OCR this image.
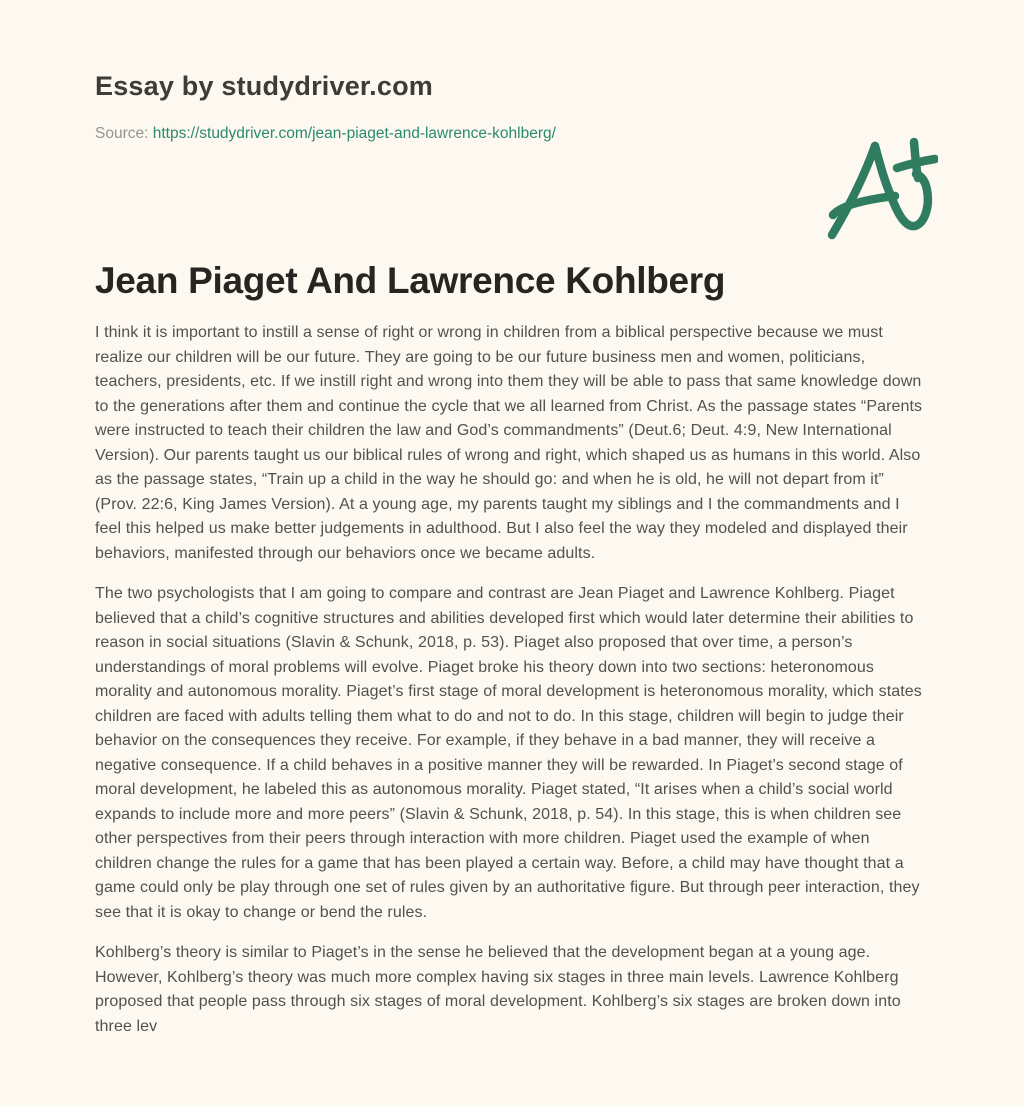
Essay by studydriver.com
Source: https://studydriver.com/jean-piaget-and-lawrence-kohlberg/
Jean Piaget And Lawrence Kohlberg

I think it is important to instill a sense of right or wrong in children from a biblical perspective because we must realize our children will be our future. They are going to be our future business men and women, politicians, teachers, presidents, etc. If we instill right and wrong into them they will be able to pass that same knowledge down to the generations after them and continue the cycle that we all learned from Christ. As the passage states “Parents were instructed to teach their children the law and God’s commandments” (Deut.6; Deut. 4:9, New International Version). Our parents taught us our biblical rules of wrong and right, which shaped us as humans in this world. Also as the passage states, “Train up a child in the way he should go: and when he is old, he will not depart from it” (Prov. 22:6, King James Version). At a young age, my parents taught my siblings and I the commandments and I feel this helped us make better judgements in adulthood. But I also feel the way they modeled and displayed their behaviors, manifested through our behaviors once we became adults.

The two psychologists that I am going to compare and contrast are Jean Piaget and Lawrence Kohlberg. Piaget believed that a child’s cognitive structures and abilities developed first which would later determine their abilities to reason in social situations (Slavin & Schunk, 2018, p. 53). Piaget also proposed that over time, a person’s understandings of moral problems will evolve. Piaget broke his theory down into two sections: heteronomous morality and autonomous morality. Piaget’s first stage of moral development is heteronomous morality, which states children are faced with adults telling them what to do and not to do. In this stage, children will begin to judge their behavior on the consequences they receive. For example, if they behave in a bad manner, they will receive a negative consequence. If a child behaves in a positive manner they will be rewarded. In Piaget’s second stage of moral development, he labeled this as autonomous morality. Piaget stated, “It arises when a child’s social world expands to include more and more peers” (Slavin & Schunk, 2018, p. 54). In this stage, this is when children see other perspectives from their peers through interaction with more children. Piaget used the example of when children change the rules for a game that has been played a certain way. Before, a child may have thought that a game could only be play through one set of rules given by an authoritative figure. But through peer interaction, they see that it is okay to change or bend the rules.

Kohlberg’s theory is similar to Piaget’s in the sense he believed that the development began at a young age. However, Kohlberg’s theory was much more complex having six stages in three main levels. Lawrence Kohlberg proposed that people pass through six stages of moral development. Kohlberg’s six stages are broken down into three lev
